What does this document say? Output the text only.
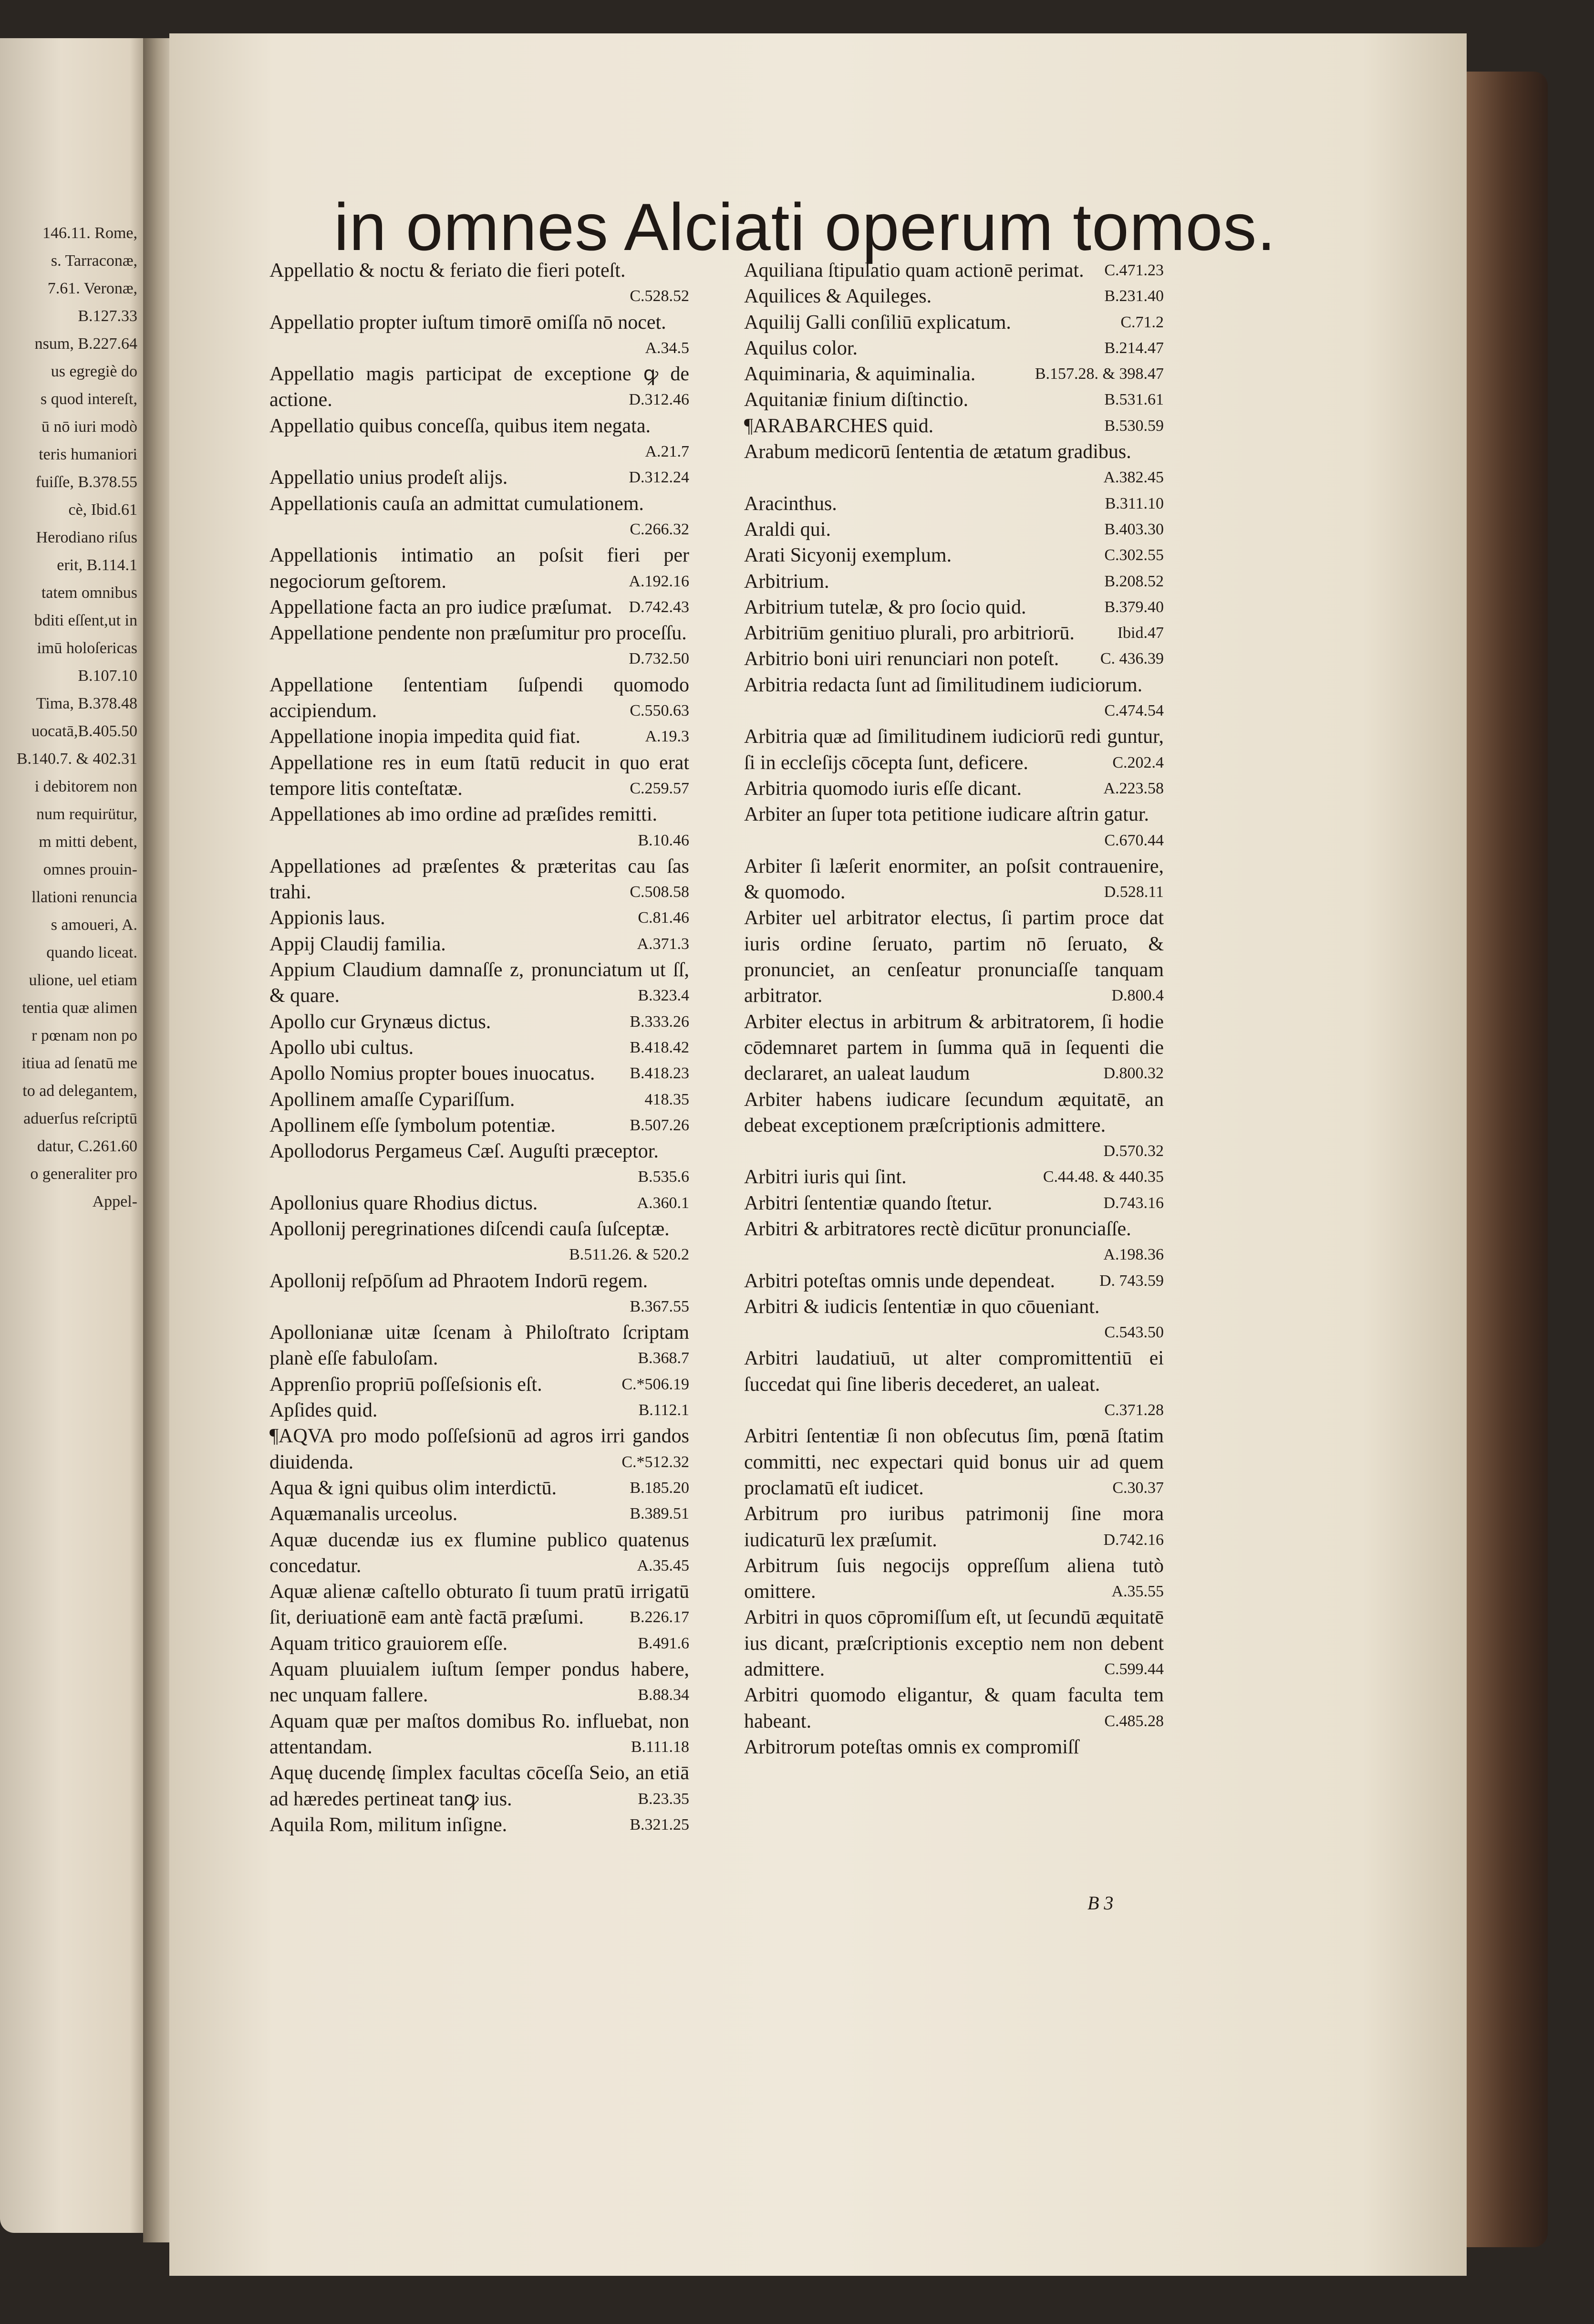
146.11. Rome,
s. Tarraconæ,
7.61. Veronæ,
B.127.33
nsum, B.227.64
us egregiè do
s quod intereſt,
ū nō iuri modò
teris humaniori
fuiſſe, B.378.55
cè, Ibid.61
Herodiano riſus
erit, B.114.1
tatem omnibus
bditi eſſent,ut in
imū holoſericas
B.107.10
Tima, B.378.48
uocatā,B.405.50
B.140.7. & 402.31
i debitorem non
num requirütur,
m mitti debent,
omnes prouin-
llationi renuncia
s amoueri, A.
quando liceat.
ulione, uel etiam
tentia quæ alimen
r pœnam non po
itiua ad ſenatū me
to ad delegantem,
aduerſus reſcriptū
datur, C.261.60
o generaliter pro
Appel-
in omnes Alciati operum tomos.
Appellatio & noctu & feriato die fieri poteſt.
C.528.52
Appellatio propter iuſtum timorē omiſſa nō nocet.
A.34.5
Appellatio magis participat de exceptione ꝙ de actione.	D.312.46
Appellatio quibus conceſſa, quibus item negata.
A.21.7
Appellatio unius prodeſt alijs.	D.312.24
Appellationis cauſa an admittat cumulationem.
C.266.32
Appellationis intimatio an poſsit fieri per negociorum geſtorem.	A.192.16
Appellatione facta an pro iudice præſumat. D.742.43
Appellatione pendente non præſumitur pro proceſſu.
D.732.50
Appellatione ſententiam ſuſpendi quomodo accipiendum.	C.550.63
Appellatione inopia impedita quid fiat.	A.19.3
Appellatione res in eum ſtatū reducit in quo erat tempore litis conteſtatæ.	C.259.57
Appellationes ab imo ordine ad præſides remitti.
B.10.46
Appellationes ad præſentes & præteritas cau ſas trahi.	C.508.58
Appionis laus.	C.81.46
Appij Claudij familia.	A.371.3
Appium Claudium damnaſſe z, pronunciatum ut ſſ, & quare.	B.323.4
Apollo cur Grynæus dictus.	B.333.26
Apollo ubi cultus.	B.418.42
Apollo Nomius propter boues inuocatus. B.418.23
Apollinem amaſſe Cypariſſum.	418.35
Apollinem eſſe ſymbolum potentiæ.	B.507.26
Apollodorus Pergameus Cæſ. Auguſti præceptor.
B.535.6
Apollonius quare Rhodius dictus.	A.360.1
Apollonij peregrinationes diſcendi cauſa ſuſceptæ.
B.511.26. & 520.2
Apollonij reſpōſum ad Phraotem Indorū regem.
B.367.55
Apollonianæ uitæ ſcenam à Philoſtrato ſcriptam planè eſſe fabuloſam.	B.368.7
Apprenſio propriū poſſeſsionis eſt.	C.*506.19
Apſides quid.	B.112.1
¶AQVA pro modo poſſeſsionū ad agros irri gandos diuidenda.	C.*512.32
Aqua & igni quibus olim interdictū.	B.185.20
Aquæmanalis urceolus.	B.389.51
Aquæ ducendæ ius ex flumine publico quatenus concedatur.	A.35.45
Aquæ alienæ caſtello obturato ſi tuum pratū irrigatū ſit, deriuationē eam antè factā præſumi.	B.226.17
Aquam tritico grauiorem eſſe.	B.491.6
Aquam pluuialem iuſtum ſemper pondus habere, nec unquam fallere.	B.88.34
Aquam quæ per maſtos domibus Ro. influebat, non attentandam.	B.111.18
Aquę ducendę ſimplex facultas cōceſſa Seio, an etiā ad hæredes pertineat tanꝙ ius.	B.23.35
Aquila Rom, militum inſigne.	B.321.25
Aquiliana ſtipulatio quam actionē perimat. C.471.23
Aquilices & Aquileges.	B.231.40
Aquilij Galli conſiliū explicatum.	C.71.2
Aquilus color.	B.214.47
Aquiminaria, & aquiminalia.	B.157.28. & 398.47
Aquitaniæ finium diſtinctio.	B.531.61
¶ARABARCHES quid.	B.530.59
Arabum medicorū ſententia de ætatum gradibus.
A.382.45
Aracinthus.	B.311.10
Araldi qui.	B.403.30
Arati Sicyonij exemplum.	C.302.55
Arbitrium.	B.208.52
Arbitrium tutelæ, & pro ſocio quid.	B.379.40
Arbitriūm genitiuo plurali, pro arbitriorū.	Ibid.47
Arbitrio boni uiri renunciari non poteſt.	C. 436.39
Arbitria redacta ſunt ad ſimilitudinem iudiciorum.
C.474.54
Arbitria quæ ad ſimilitudinem iudiciorū redi guntur, ſi in eccleſijs cōcepta ſunt, deficere.	C.202.4
Arbitria quomodo iuris eſſe dicant.	A.223.58
Arbiter an ſuper tota petitione iudicare aſtrin gatur.
C.670.44
Arbiter ſi læſerit enormiter, an poſsit contrauenire, & quomodo.	D.528.11
Arbiter uel arbitrator electus, ſi partim proce dat iuris ordine ſeruato, partim nō ſeruato, & pronunciet, an cenſeatur pronunciaſſe tanquam arbitrator.	D.800.4
Arbiter electus in arbitrum & arbitratorem, ſi hodie cōdemnaret partem in ſumma quā in ſequenti die declararet, an ualeat laudum	D.800.32
Arbiter habens iudicare ſecundum æquitatē, an debeat exceptionem præſcriptionis admittere.
D.570.32
Arbitri iuris qui ſint.	C.44.48. & 440.35
Arbitri ſententiæ quando ſtetur.	D.743.16
Arbitri & arbitratores rectè dicūtur pronunciaſſe.
A.198.36
Arbitri poteſtas omnis unde dependeat.	D. 743.59
Arbitri & iudicis ſententiæ in quo cōueniant.
C.543.50
Arbitri laudatiuū, ut alter compromittentiū ei ſuccedat qui ſine liberis decederet, an ualeat.
C.371.28
Arbitri ſententiæ ſi non obſecutus ſim, pœnā ſtatim committi, nec expectari quid bonus uir ad quem proclamatū eſt iudicet.	C.30.37
Arbitrum pro iuribus patrimonij ſine mora iudicaturū lex præſumit.	D.742.16
Arbitrum ſuis negocijs oppreſſum aliena tutò omittere.	A.35.55
Arbitri in quos cōpromiſſum eſt, ut ſecundū æquitatē ius dicant, præſcriptionis exceptio nem non debent admittere.	C.599.44
Arbitri quomodo eligantur, & quam faculta tem habeant.	C.485.28
Arbitrorum poteſtas omnis ex compromiſſ
B 3
